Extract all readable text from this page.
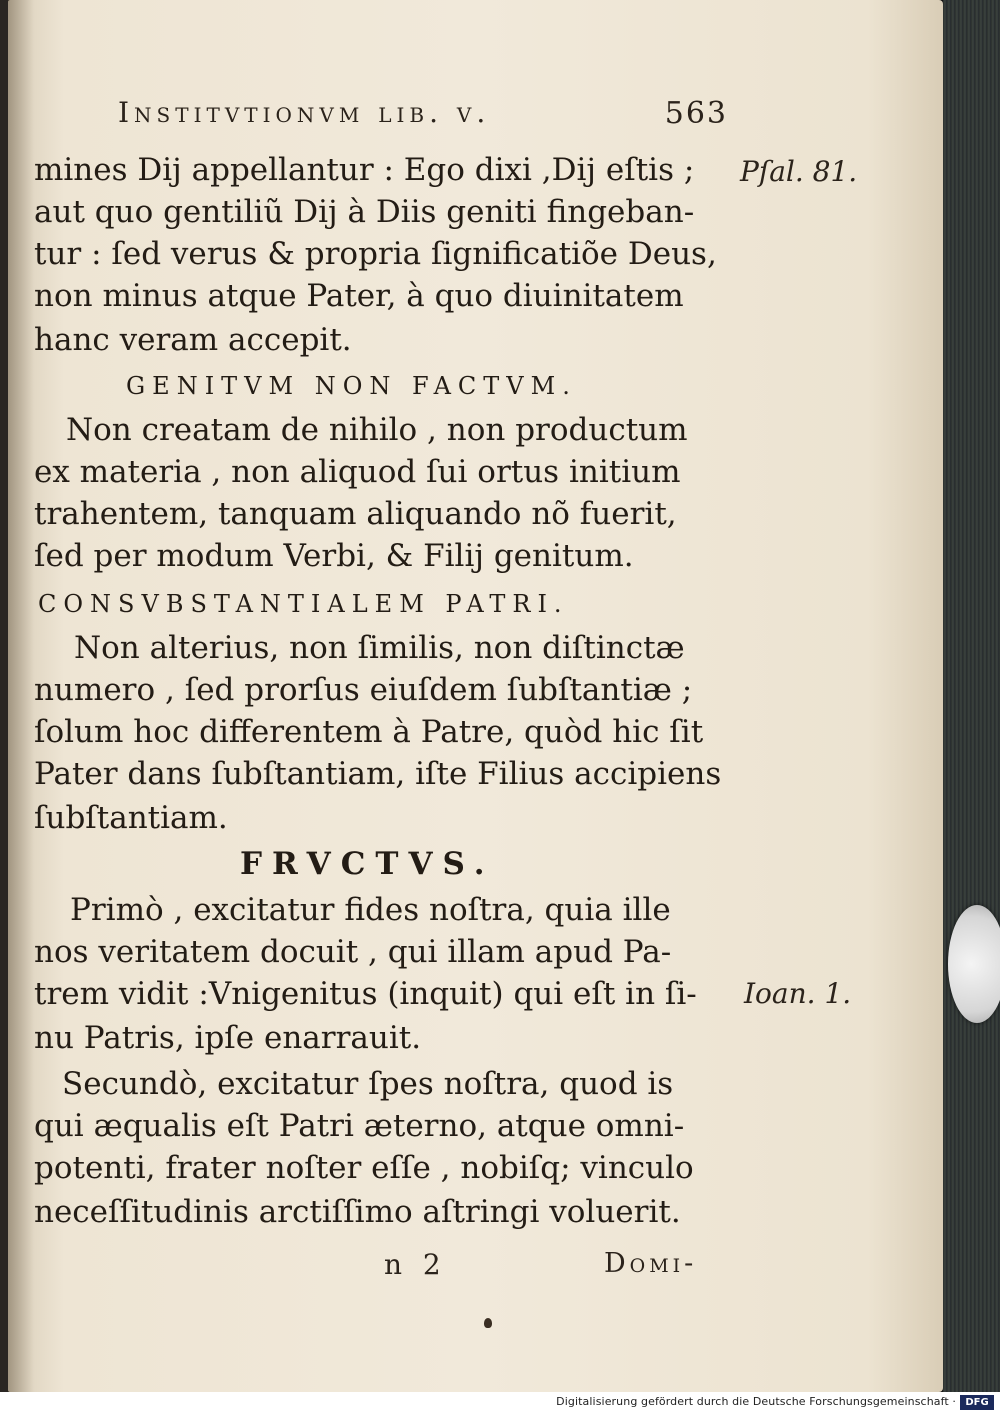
Institvtionvm lib. v.	563
mines Dij appellantur : Ego dixi ,Dij eſtis ;
aut quo gentiliũ Dij à Diis geniti fingeban-
tur : ſed verus & propria ſignificatiõe Deus,
non minus atque Pater, à quo diuinitatem
hanc veram accepit.
GENITVM NON FACTVM.
Non creatam de nihilo , non productum
ex materia , non aliquod ſui ortus initium
trahentem, tanquam aliquando nõ fuerit,
ſed per modum Verbi, & Filij genitum.
CONSVBSTANTIALEM PATRI.
Non alterius, non ſimilis, non diſtinctæ
numero , ſed prorſus eiuſdem ſubſtantiæ ;
ſolum hoc differentem à Patre, quòd hic ſit
Pater dans ſubſtantiam, iſte Filius accipiens
ſubſtantiam.
FRVCTVS.
Primò , excitatur fides noſtra, quia ille
nos veritatem docuit , qui illam apud Pa-
trem vidit :Vnigenitus (inquit) qui eſt in ſi-
nu Patris, ipſe enarrauit.
Secundò, excitatur ſpes noſtra, quod is
qui æqualis eſt Patri æterno, atque omni-
potenti, frater noſter eſſe , nobiſq; vinculo
neceſſitudinis arctiſſimo aſtringi voluerit.
Pſal. 81.
Ioan. 1.
n 2	Domi-
Digitalisierung gefördert durch die Deutsche Forschungsgemeinschaft · DFG
